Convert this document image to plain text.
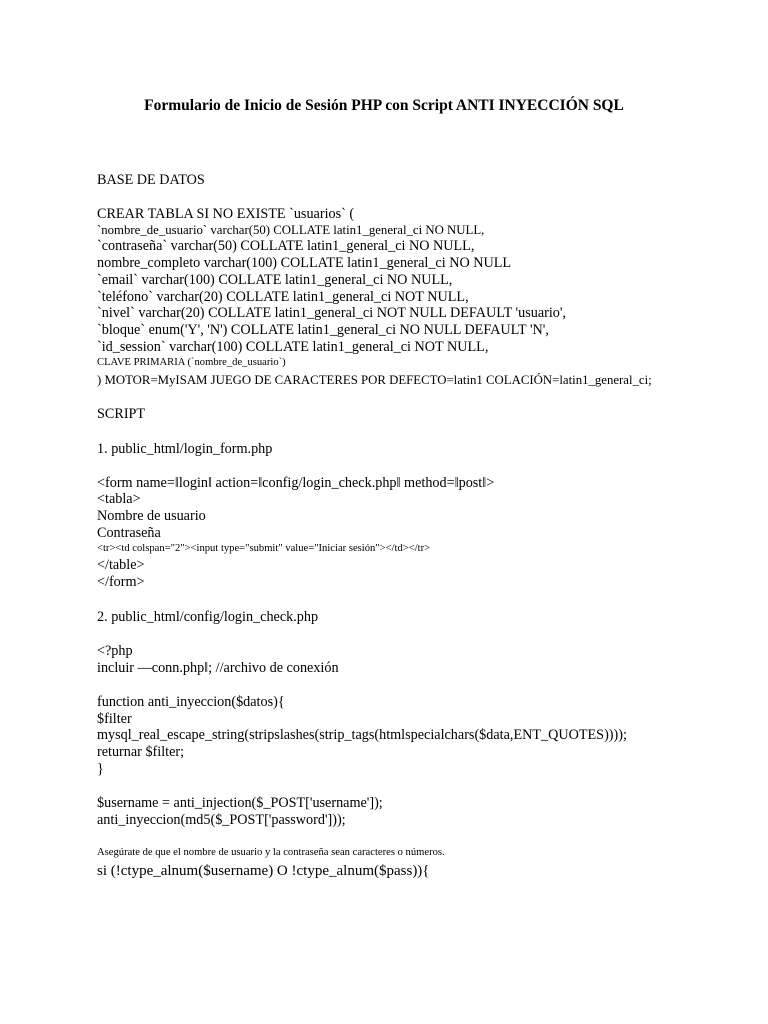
Formulario de Inicio de Sesión PHP con Script ANTI INYECCIÓN SQL
BASE DE DATOS
CREAR TABLA SI NO EXISTE `usuarios` (
`nombre_de_usuario` varchar(50) COLLATE latin1_general_ci NO NULL,
`contraseña` varchar(50) COLLATE latin1_general_ci NO NULL,
nombre_completo varchar(100) COLLATE latin1_general_ci NO NULL
`email` varchar(100) COLLATE latin1_general_ci NO NULL,
`teléfono` varchar(20) COLLATE latin1_general_ci NOT NULL,
`nivel` varchar(20) COLLATE latin1_general_ci NOT NULL DEFAULT 'usuario',
`bloque` enum('Y', 'N') COLLATE latin1_general_ci NO NULL DEFAULT 'N',
`id_session` varchar(100) COLLATE latin1_general_ci NOT NULL,
CLAVE PRIMARIA (`nombre_de_usuario`)
) MOTOR=MyISAM JUEGO DE CARACTERES POR DEFECTO=latin1 COLACIÓN=latin1_general_ci;
SCRIPT
1. public_html/login_form.php
<form name=‖login‖ action=‖config/login_check.php‖ method=‖post‖>
<tabla>
Nombre de usuario
Contraseña
<tr><td colspan="2"><input type="submit" value="Iniciar sesión"></td></tr>
</table>
</form>
2. public_html/config/login_check.php
<?php
incluir —conn.php‖; //archivo de conexión
function anti_inyeccion($datos){
$filter
mysql_real_escape_string(stripslashes(strip_tags(htmlspecialchars($data,ENT_QUOTES))));
returnar $filter;
}
$username = anti_injection($_POST['username']);
anti_inyeccion(md5($_POST['password']));
Asegúrate de que el nombre de usuario y la contraseña sean caracteres o números.
si (!ctype_alnum($username) O !ctype_alnum($pass)){
